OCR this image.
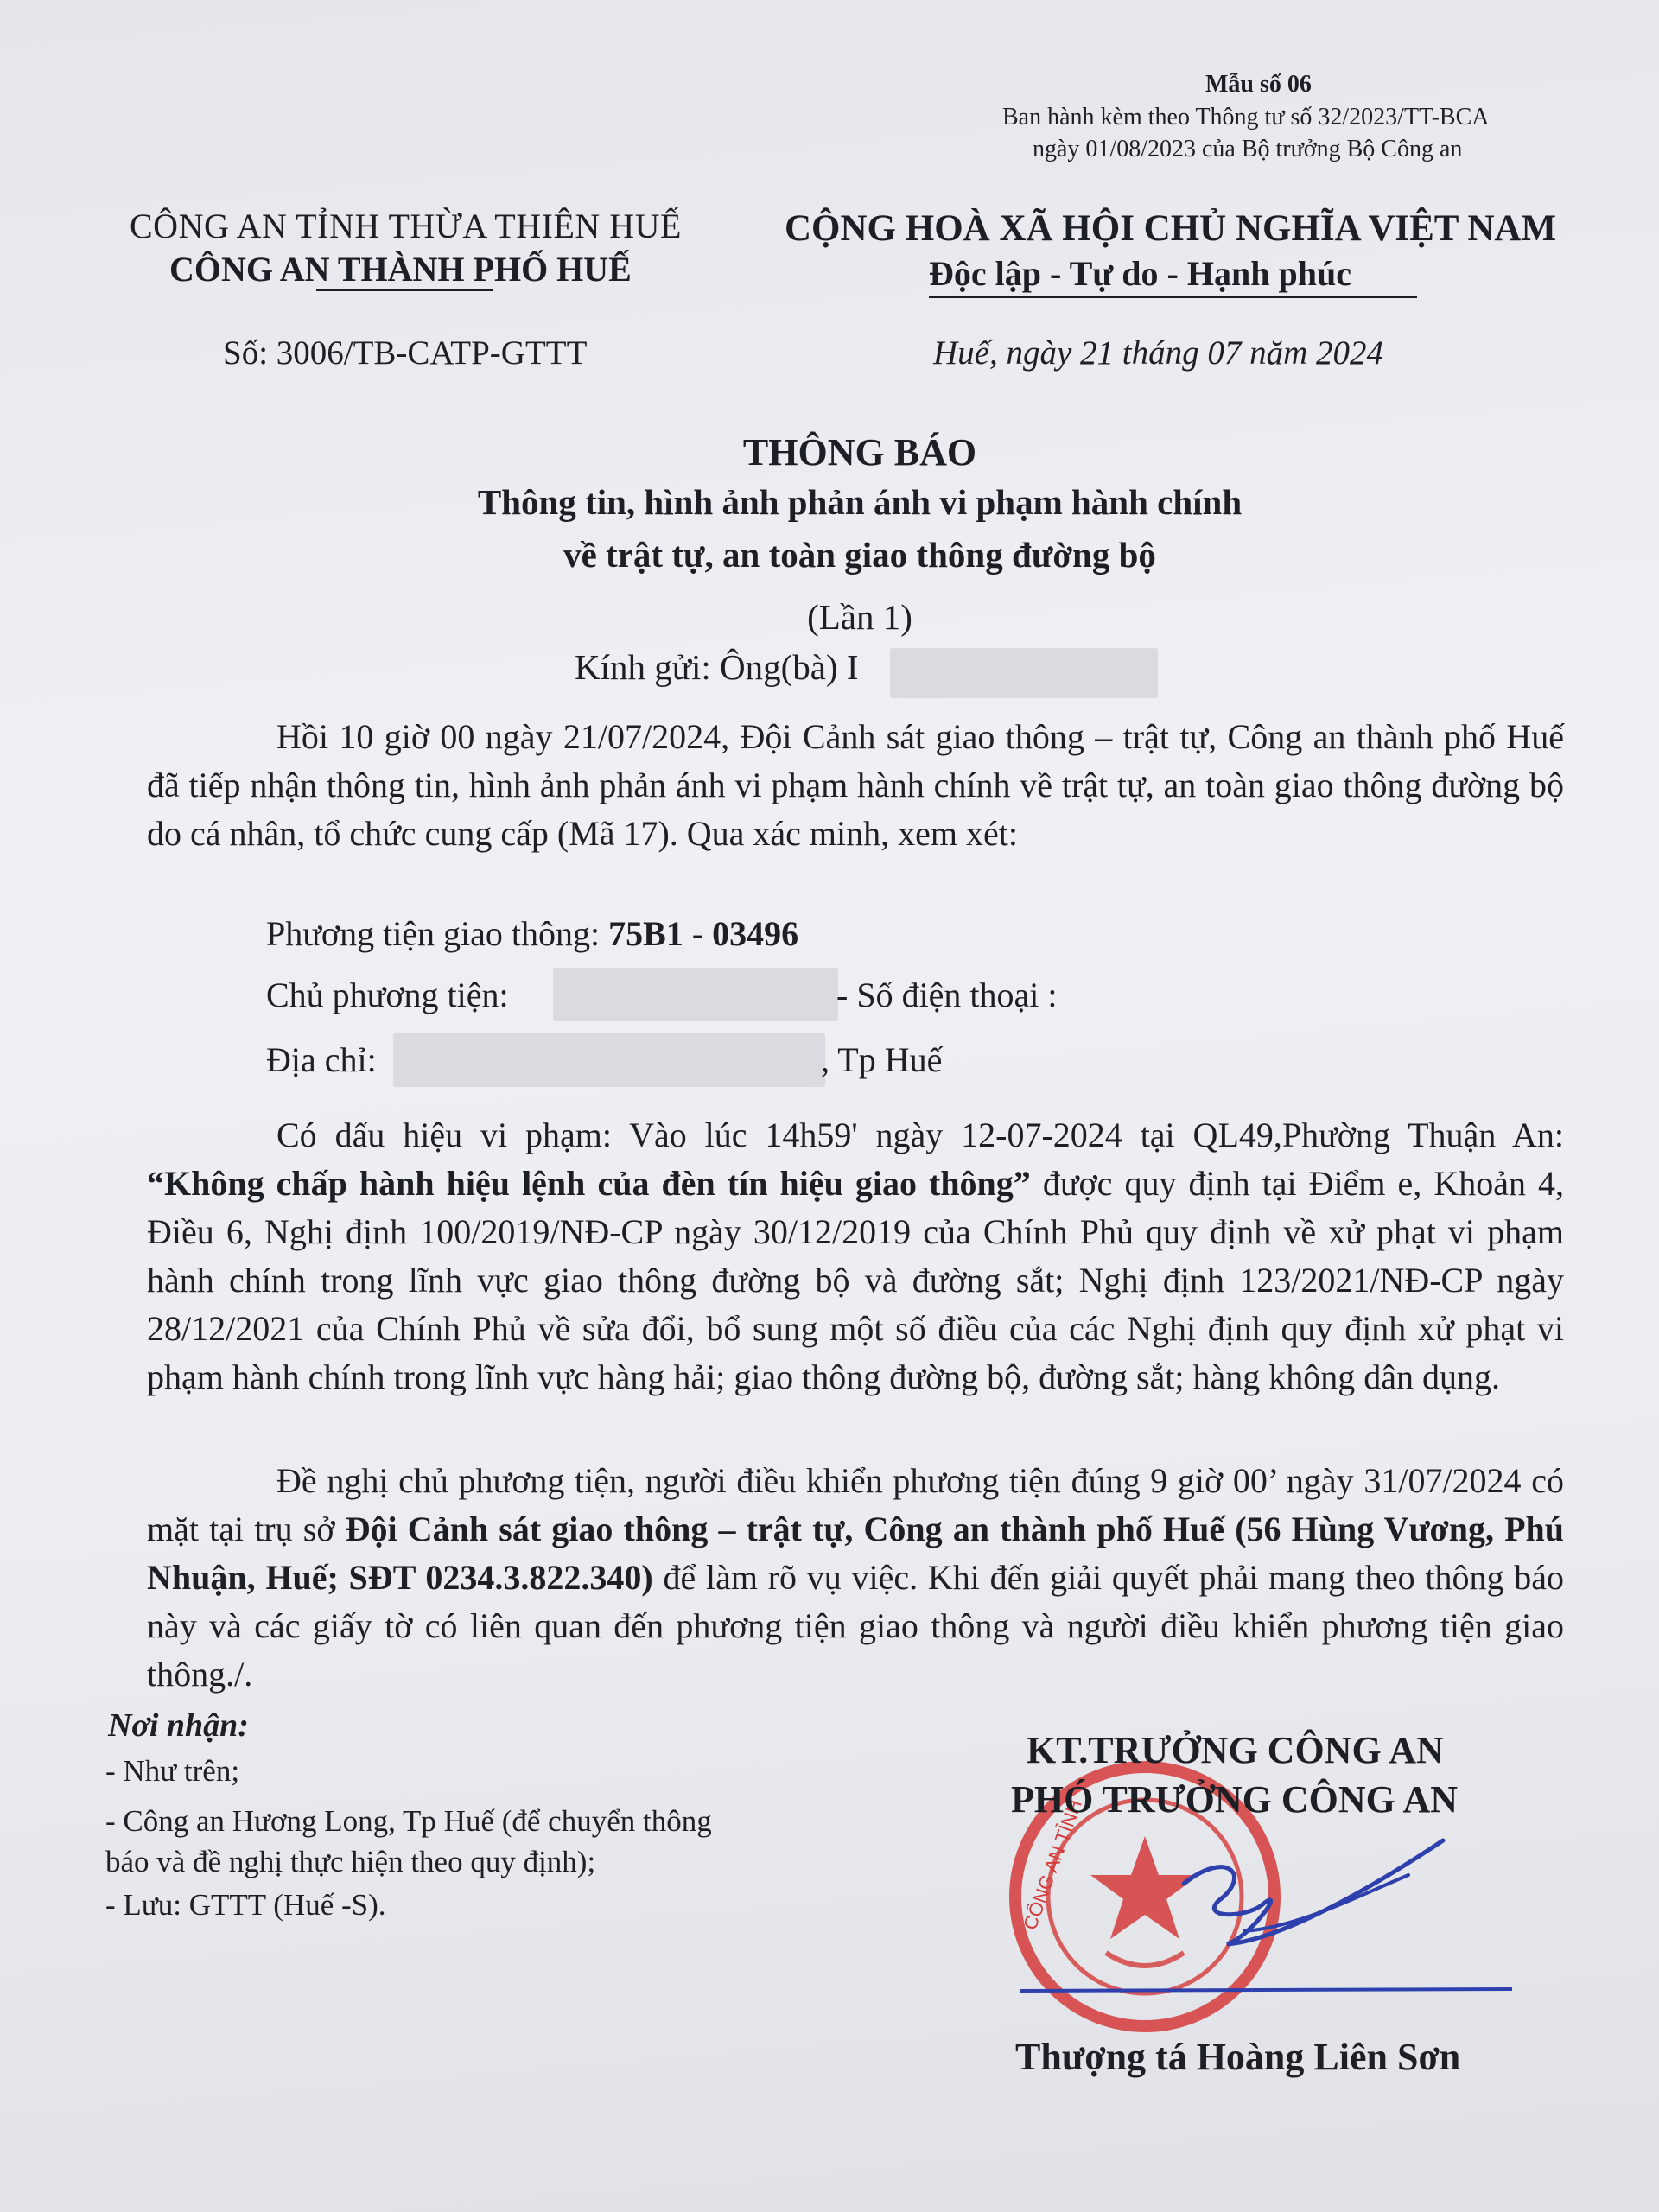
Mẫu số 06
Ban hành kèm theo Thông tư số 32/2023/TT-BCA
ngày 01/08/2023 của Bộ trưởng Bộ Công an
CÔNG AN TỈNH THỪA THIÊN HUẾ
CÔNG AN THÀNH PHỐ HUẾ
CỘNG HOÀ XÃ HỘI CHỦ NGHĨA VIỆT NAM
Độc lập - Tự do - Hạnh phúc
Số: 3006/TB-CATP-GTTT	Huế, ngày 21 tháng 07 năm 2024
THÔNG BÁO
Thông tin, hình ảnh phản ánh vi phạm hành chính
về trật tự, an toàn giao thông đường bộ
(Lần 1)
Kính gửi: Ông(bà) I

Hồi 10 giờ 00 ngày 21/07/2024, Đội Cảnh sát giao thông – trật tự, Công an thành phố Huế đã tiếp nhận thông tin, hình ảnh phản ánh vi phạm hành chính về trật tự, an toàn giao thông đường bộ do cá nhân, tổ chức cung cấp (Mã 17). Qua xác minh, xem xét:

Phương tiện giao thông: 75B1 - 03496
Chủ phương tiện:	- Số điện thoại :
Địa chỉ:	, Tp Huế

Có dấu hiệu vi phạm: Vào lúc 14h59' ngày 12-07-2024 tại QL49,Phường Thuận An: “Không chấp hành hiệu lệnh của đèn tín hiệu giao thông” được quy định tại Điểm e, Khoản 4, Điều 6, Nghị định 100/2019/NĐ-CP ngày 30/12/2019 của Chính Phủ quy định về xử phạt vi phạm hành chính trong lĩnh vực giao thông đường bộ và đường sắt; Nghị định 123/2021/NĐ-CP ngày 28/12/2021 của Chính Phủ về sửa đổi, bổ sung một số điều của các Nghị định quy định xử phạt vi phạm hành chính trong lĩnh vực hàng hải; giao thông đường bộ, đường sắt; hàng không dân dụng.

Đề nghị chủ phương tiện, người điều khiển phương tiện đúng 9 giờ 00’ ngày 31/07/2024 có mặt tại trụ sở Đội Cảnh sát giao thông – trật tự, Công an thành phố Huế (56 Hùng Vương, Phú Nhuận, Huế; SĐT 0234.3.822.340) để làm rõ vụ việc. Khi đến giải quyết phải mang theo thông báo này và các giấy tờ có liên quan đến phương tiện giao thông và người điều khiển phương tiện giao thông./.

Nơi nhận:
- Như trên;
- Công an Hương Long, Tp Huế (để chuyển thông
báo và đề nghị thực hiện theo quy định);
- Lưu: GTTT (Huế -S).	CÔNG AN TỈNH
KT.TRƯỞNG CÔNG AN
PHÓ TRƯỞNG CÔNG AN
Thượng tá Hoàng Liên Sơn
